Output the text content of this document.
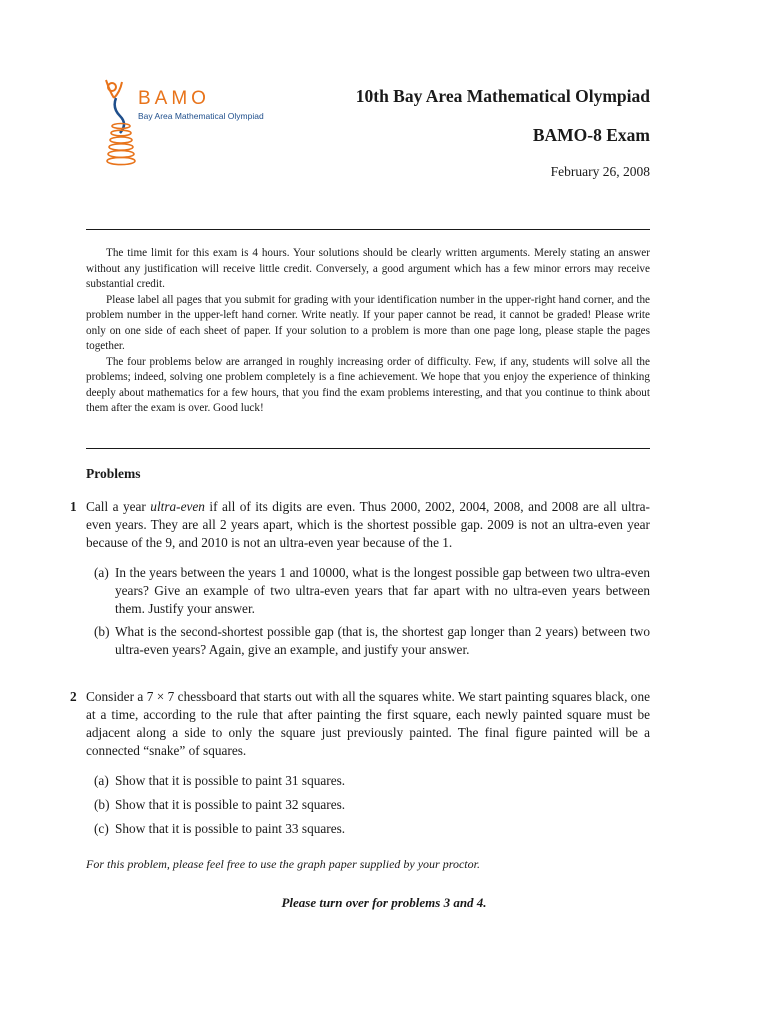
BAMO
Bay Area Mathematical Olympiad
10th Bay Area Mathematical Olympiad
BAMO-8 Exam
February 26, 2008

The time limit for this exam is 4 hours. Your solutions should be clearly written arguments. Merely stating an answer without any justification will receive little credit. Conversely, a good argument which has a few minor errors may receive substantial credit.

Please label all pages that you submit for grading with your identification number in the upper-right hand corner, and the problem number in the upper-left hand corner. Write neatly. If your paper cannot be read, it cannot be graded! Please write only on one side of each sheet of paper. If your solution to a problem is more than one page long, please staple the pages together.

The four problems below are arranged in roughly increasing order of difficulty. Few, if any, students will solve all the problems; indeed, solving one problem completely is a fine achievement. We hope that you enjoy the experience of thinking deeply about mathematics for a few hours, that you find the exam problems interesting, and that you continue to think about them after the exam is over. Good luck!

Problems
1 Call a year ultra-even if all of its digits are even. Thus 2000, 2002, 2004, 2008, and 2008 are all ultra-even years. They are all 2 years apart, which is the shortest possible gap. 2009 is not an ultra-even year because of the 9, and 2010 is not an ultra-even year because of the 1.

(a) In the years between the years 1 and 10000, what is the longest possible gap between two ultra-even years? Give an example of two ultra-even years that far apart with no ultra-even years between them. Justify your answer.
(b) What is the second-shortest possible gap (that is, the shortest gap longer than 2 years) between two ultra-even years? Again, give an example, and justify your answer.
2 Consider a 7 × 7 chessboard that starts out with all the squares white. We start painting squares black, one at a time, according to the rule that after painting the first square, each newly painted square must be adjacent along a side to only the square just previously painted. The final figure painted will be a connected “snake” of squares.

(a) Show that it is possible to paint 31 squares.
(b) Show that it is possible to paint 32 squares.
(c) Show that it is possible to paint 33 squares.
For this problem, please feel free to use the graph paper supplied by your proctor.
Please turn over for problems 3 and 4.
